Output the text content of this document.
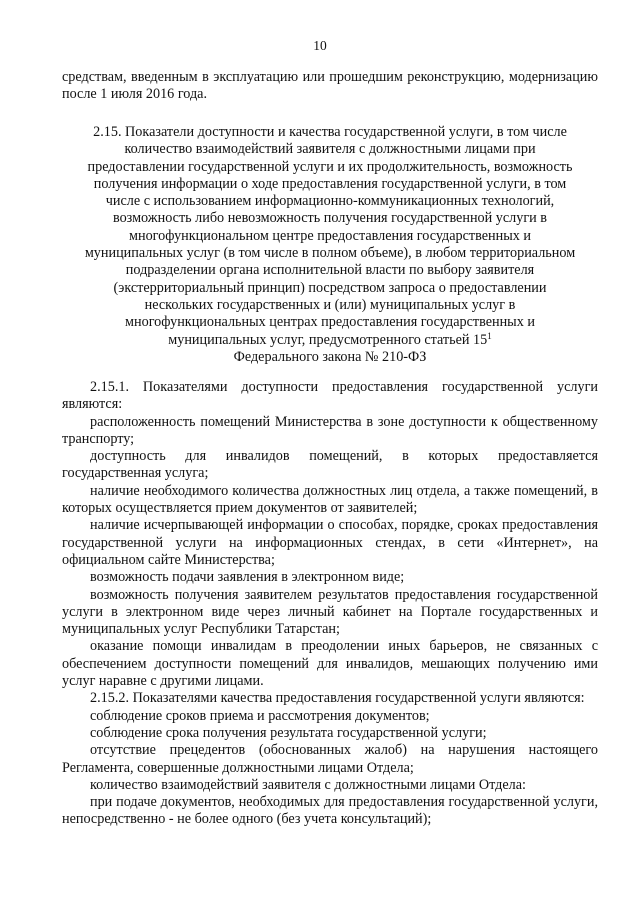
10

средствам, введенным в эксплуатацию или прошедшим реконструкцию, модернизацию после 1 июля 2016 года.

2.15. Показатели доступности и качества государственной услуги, в том числе
количество взаимодействий заявителя с должностными лицами при
предоставлении государственной услуги и их продолжительность, возможность
получения информации о ходе предоставления государственной услуги, в том
числе с использованием информационно-коммуникационных технологий,
возможность либо невозможность получения государственной услуги в
многофункциональном центре предоставления государственных и
муниципальных услуг (в том числе в полном объеме), в любом территориальном
подразделении органа исполнительной власти по выбору заявителя
(экстерриториальный принцип) посредством запроса о предоставлении
нескольких государственных и (или) муниципальных услуг в
многофункциональных центрах предоставления государственных и
муниципальных услуг, предусмотренного статьей $15^1$
Федерального закона № 210-ФЗ

2.15.1. Показателями доступности предоставления государственной услуги являются:

расположенность помещений Министерства в зоне доступности к общественному транспорту;

доступность для инвалидов помещений, в которых предоставляется государственная услуга;

наличие необходимого количества должностных лиц отдела, а также помещений, в которых осуществляется прием документов от заявителей;

наличие исчерпывающей информации о способах, порядке, сроках предоставления государственной услуги на информационных стендах, в сети «Интернет», на официальном сайте Министерства;

возможность подачи заявления в электронном виде;

возможность получения заявителем результатов предоставления государственной услуги в электронном виде через личный кабинет на Портале государственных и муниципальных услуг Республики Татарстан;

оказание помощи инвалидам в преодолении иных барьеров, не связанных с обеспечением доступности помещений для инвалидов, мешающих получению ими услуг наравне с другими лицами.

2.15.2. Показателями качества предоставления государственной услуги являются:

соблюдение сроков приема и рассмотрения документов;

соблюдение срока получения результата государственной услуги;

отсутствие прецедентов (обоснованных жалоб) на нарушения настоящего Регламента, совершенные должностными лицами Отдела;

количество взаимодействий заявителя с должностными лицами Отдела:

при подаче документов, необходимых для предоставления государственной услуги, непосредственно - не более одного (без учета консультаций);
